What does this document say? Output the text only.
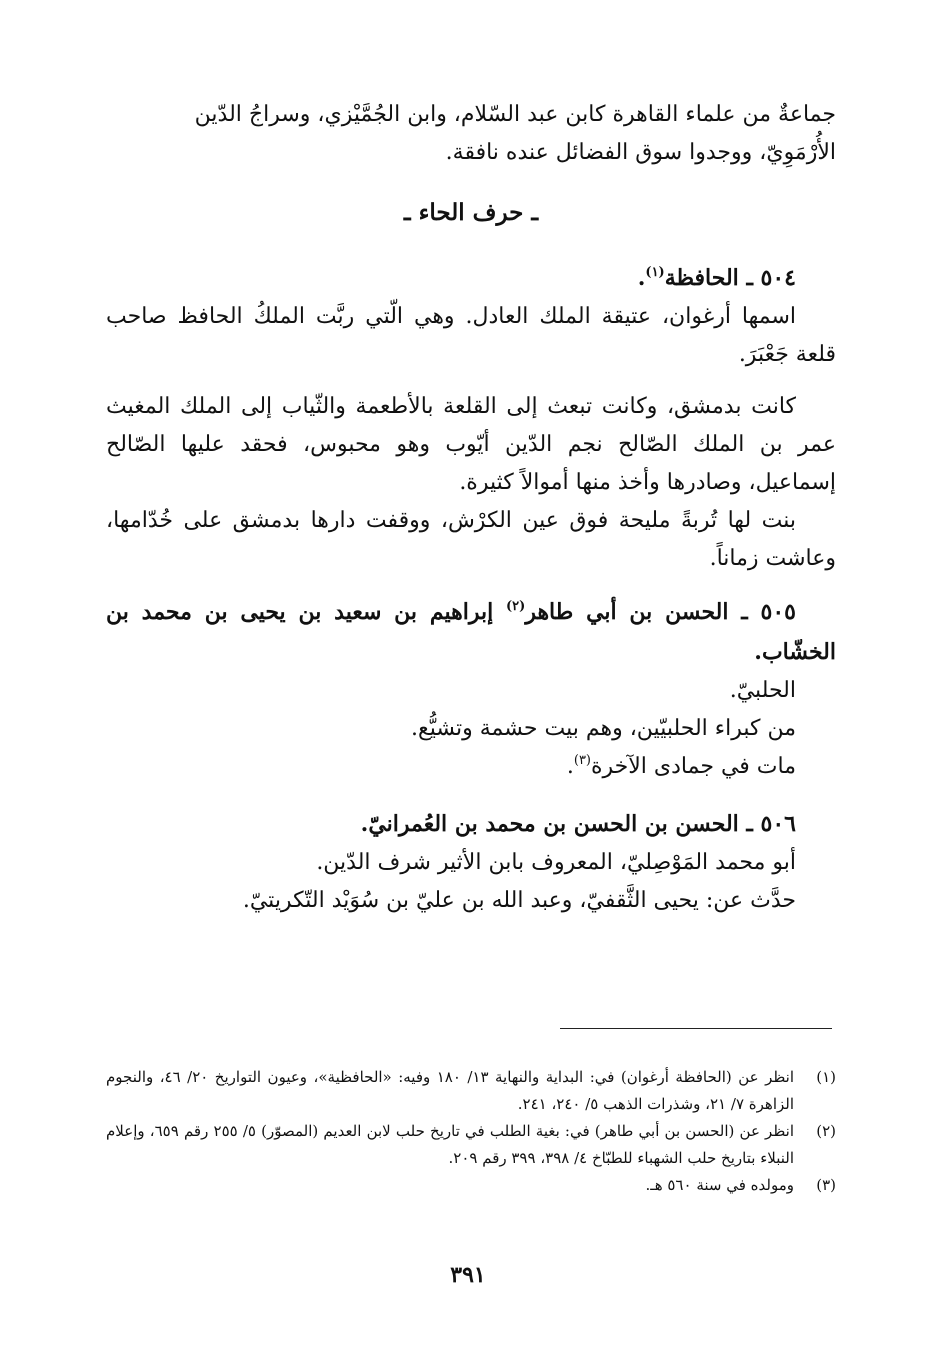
جماعةٌ من علماء القاهرة كابن عبد السّلام، وابن الجُمَّيْزي، وسراجُ الدّين
الأُرْمَوِيّ، ووجدوا سوق الفضائل عنده نافقة.

ـ حرف الحاء ـ

٥٠٤ ـ الحافظة$^{(١)}$.

اسمها أرغوان، عتيقة الملك العادل. وهي الّتي ربَّت الملكُ الحافظ صاحب قلعة جَعْبَرَ.

كانت بدمشق، وكانت تبعث إلى القلعة بالأطعمة والثّياب إلى الملك المغيث عمر بن الملك الصّالح نجم الدّين أيّوب وهو محبوس، فحقد عليها الصّالح إسماعيل، وصادرها وأخذ منها أموالاً كثيرة.

بنت لها تُربةً مليحة فوق عين الكرْش، ووقفت دارها بدمشق على خُدّامها، وعاشت زماناً.

٥٠٥ ـ الحسن بن أبي طاهر$^{(٢)}$ إبراهيم بن سعيد بن يحيى بن محمد بن الخشّاب.

الحلبيّ.

من كبراء الحلبيّين، وهم بيت حشمة وتشيُّع.

مات في جمادى الآخرة$^{(٣)}$.

٥٠٦ ـ الحسن بن الحسن بن محمد بن العُمرانيّ.

أبو محمد المَوْصِليّ، المعروف بابن الأثير شرف الدّين.

حدَّث عن: يحيى الثَّقفيّ، وعبد الله بن عليّ بن سُوَيْد التّكريتيّ.

(١)
انظر عن (الحافظة أرغوان) في: البداية والنهاية ١٣/ ١٨٠ وفيه: «الحافظية»، وعيون التواريخ ٢٠/ ٤٦، والنجوم الزاهرة ٧/ ٢١، وشذرات الذهب ٥/ ٢٤٠، ٢٤١.
(٢)
انظر عن (الحسن بن أبي طاهر) في: بغية الطلب في تاريخ حلب لابن العديم (المصوّر) ٥/ ٢٥٥ رقم ٦٥٩، وإعلام النبلاء بتاريخ حلب الشهباء للطبّاخ ٤/ ٣٩٨، ٣٩٩ رقم ٢٠٩.
(٣)
ومولده في سنة ٥٦٠ هـ.
٣٩١
